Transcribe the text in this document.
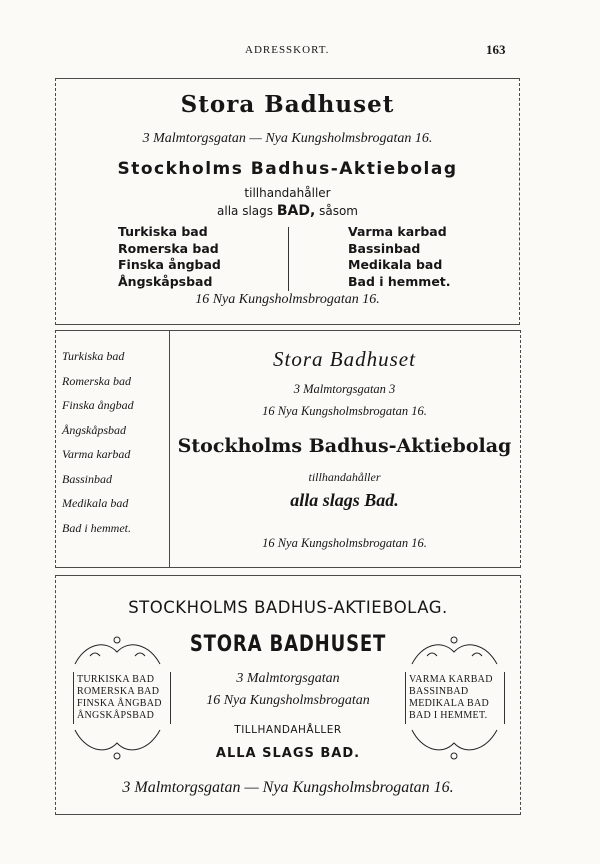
ADRESSKORT.	163
Stora Badhuset
3 Malmtorgsgatan — Nya Kungsholmsbrogatan 16.
Stockholms Badhus-Aktiebolag
tillhandahåller
alla slags BAD, såsom
Turkiska bad
Romerska bad
Finska ångbad
Ångskåpsbad
Varma karbad
Bassinbad
Medikala bad
Bad i hemmet.
16 Nya Kungsholmsbrogatan 16.
Turkiska bad
Romerska bad
Finska ångbad
Ångskåpsbad
Varma karbad
Bassinbad
Medikala bad
Bad i hemmet.
Stora Badhuset
3 Malmtorgsgatan 3
16 Nya Kungsholmsbrogatan 16.
Stockholms Badhus-Aktiebolag
tillhandahåller
alla slags Bad.
16 Nya Kungsholmsbrogatan 16.
STOCKHOLMS BADHUS-AKTIEBOLAG.
STORA BADHUSET
TURKISKA BAD
ROMERSKA BAD
FINSKA ÅNGBAD
ÅNGSKÅPSBAD
VARMA KARBAD
BASSINBAD
MEDIKALA BAD
BAD I HEMMET.
3 Malmtorgsgatan
16 Nya Kungsholmsbrogatan
TILLHANDAHÅLLER
ALLA SLAGS BAD.
3 Malmtorgsgatan — Nya Kungsholmsbrogatan 16.
